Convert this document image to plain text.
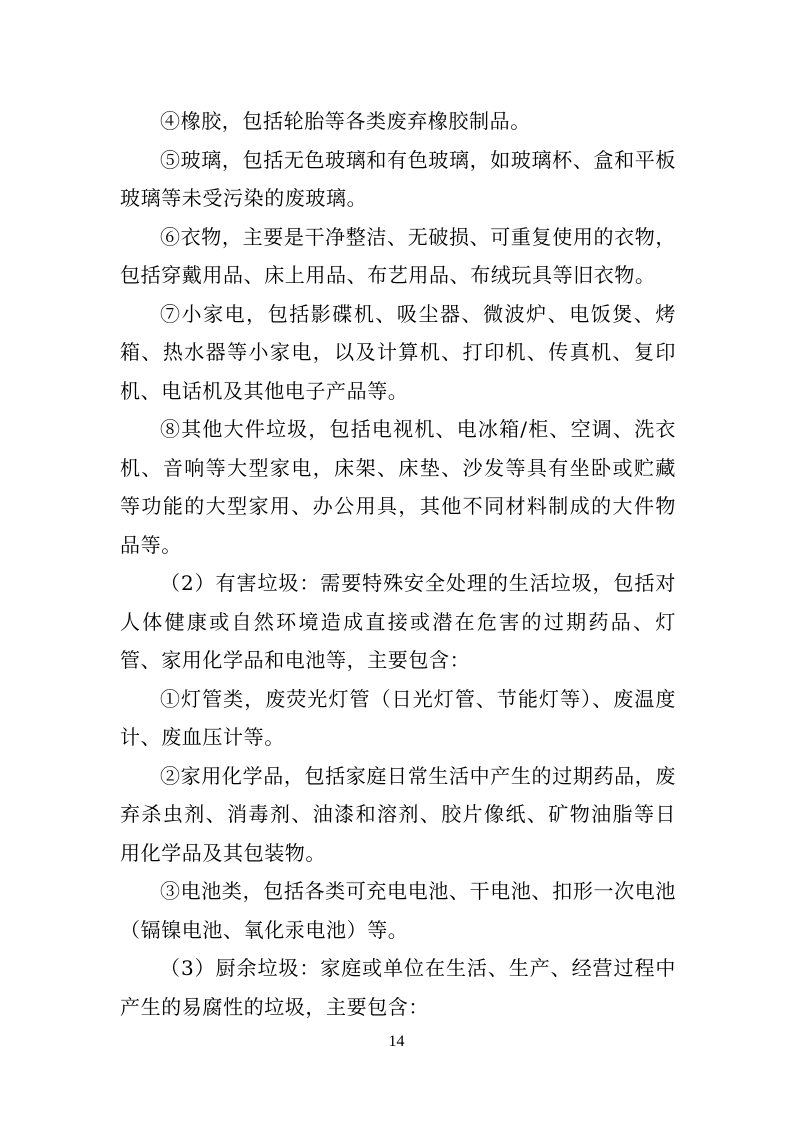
④橡胶，包括轮胎等各类废弃橡胶制品。

⑤玻璃，包括无色玻璃和有色玻璃，如玻璃杯、盒和平板玻璃等未受污染的废玻璃。

⑥衣物，主要是干净整洁、无破损、可重复使用的衣物，包括穿戴用品、床上用品、布艺用品、布绒玩具等旧衣物。

⑦小家电，包括影碟机、吸尘器、微波炉、电饭煲、烤箱、热水器等小家电，以及计算机、打印机、传真机、复印机、电话机及其他电子产品等。

⑧其他大件垃圾，包括电视机、电冰箱/柜、空调、洗衣机、音响等大型家电，床架、床垫、沙发等具有坐卧或贮藏等功能的大型家用、办公用具，其他不同材料制成的大件物品等。

（2）有害垃圾：需要特殊安全处理的生活垃圾，包括对人体健康或自然环境造成直接或潜在危害的过期药品、灯管、家用化学品和电池等，主要包含：

①灯管类，废荧光灯管（日光灯管、节能灯等）、废温度计、废血压计等。

②家用化学品，包括家庭日常生活中产生的过期药品，废弃杀虫剂、消毒剂、油漆和溶剂、胶片像纸、矿物油脂等日用化学品及其包装物。

③电池类，包括各类可充电电池、干电池、扣形一次电池（镉镍电池、氧化汞电池）等。

（3）厨余垃圾：家庭或单位在生活、生产、经营过程中产生的易腐性的垃圾，主要包含：

14
